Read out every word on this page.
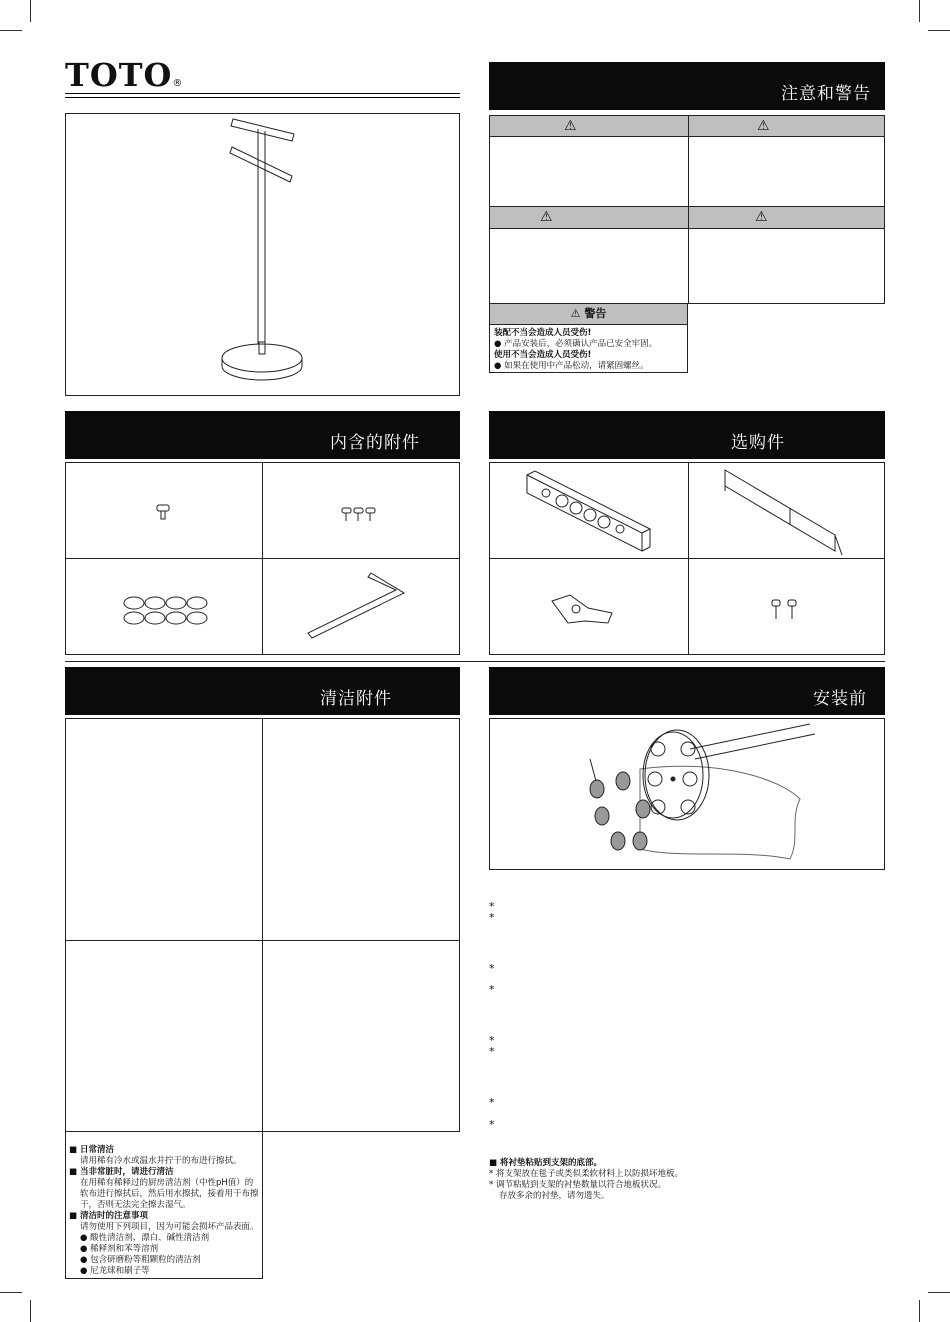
TOTO®
注意和警告
⚠	⚠
⚠	⚠
⚠ 警告
装配不当会造成人员受伤!
● 产品安装后，必须确认产品已安全牢固。
使用不当会造成人员受伤!
● 如果在使用中产品松动，请紧固螺丝。
内含的附件	选购件
清洁附件
■ 日常清洁
请用稀有冷水或温水并拧干的布进行擦拭。
■ 当非常脏时，请进行清洁
在用稀有稀释过的厨房清洁剂（中性pH值）的软布进行擦拭后，然后用水擦拭，接着用干布擦干，否则无法完全擦去湿气。
■ 清洁时的注意事项
请勿使用下列项目，因为可能会损坏产品表面。
● 酸性清洁剂、漂白、碱性清洁剂
● 稀释剂和苯等溶剂
● 包含研磨粉等粗颗粒的清洁剂
● 尼龙球和刷子等
安装前
*
*
*
*
*
*
*
*
■ 将衬垫粘贴到支架的底部。
* 将支架放在毯子或类似柔软材料上以防损坏地板。
* 调节粘贴到支架的衬垫数量以符合地板状况。
存放多余的衬垫，请勿遗失。
